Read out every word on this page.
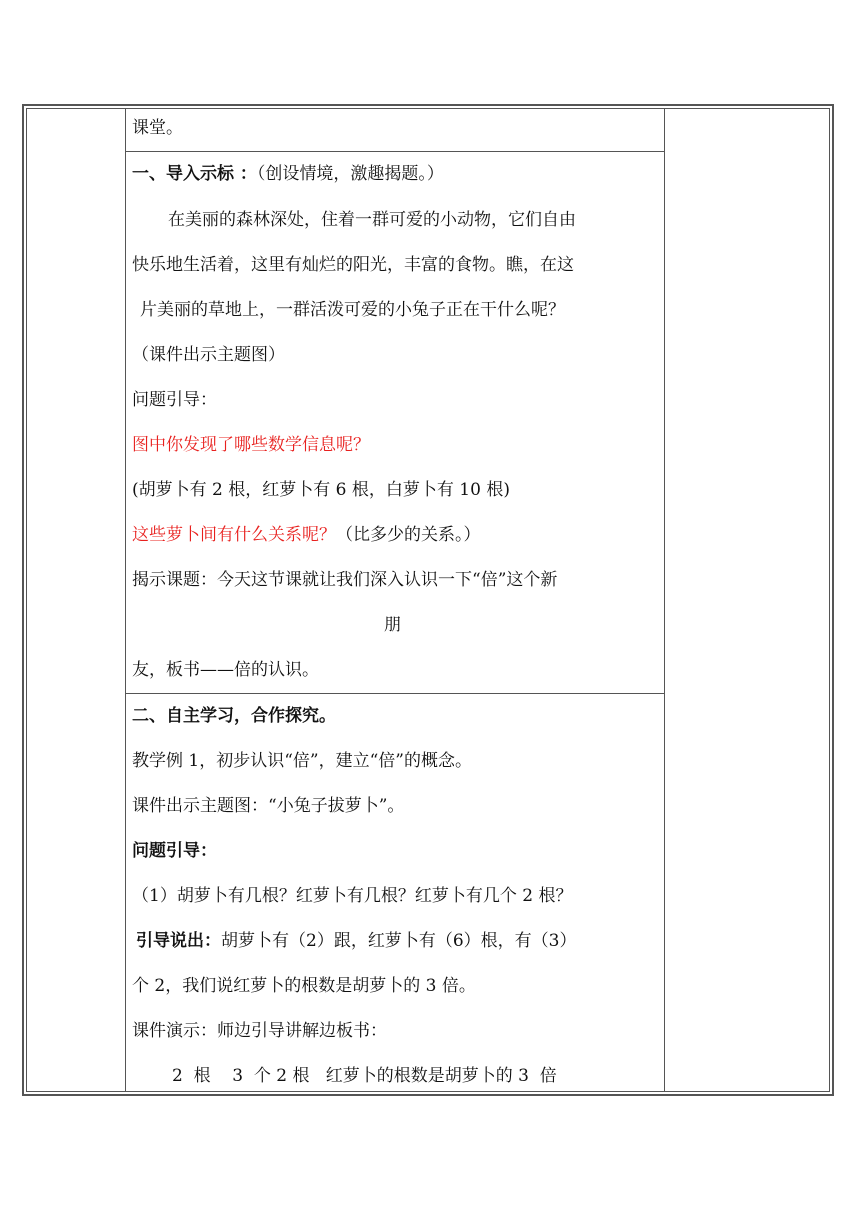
课堂。
一、导入示标 ：（创设情境，激趣揭题。）
在美丽的森林深处，住着一群可爱的小动物，它们自由
快乐地生活着，这里有灿烂的阳光，丰富的食物。瞧，在这
片美丽的草地上，一群活泼可爱的小兔子正在干什么呢？
（课件出示主题图）
问题引导：
图中你发现了哪些数学信息呢？
(胡萝卜有 2 根，红萝卜有 6 根，白萝卜有 10 根)
这些萝卜间有什么关系呢？（比多少的关系。）
揭示课题：今天这节课就让我们深入认识一下“倍”这个新
朋
友，板书——倍的认识。
二、自主学习，合作探究。
教学例 1，初步认识“倍”，建立“倍”的概念。
课件出示主题图：“小兔子拔萝卜”。
问题引导：
（1）胡萝卜有几根？红萝卜有几根？红萝卜有几个 2 根？
引导说出：胡萝卜有（2）跟，红萝卜有（6）根，有（3）
个 2，我们说红萝卜的根数是胡萝卜的 3 倍。
课件演示：师边引导讲解边板书：
2  根    3  个 2 根   红萝卜的根数是胡萝卜的 3  倍
